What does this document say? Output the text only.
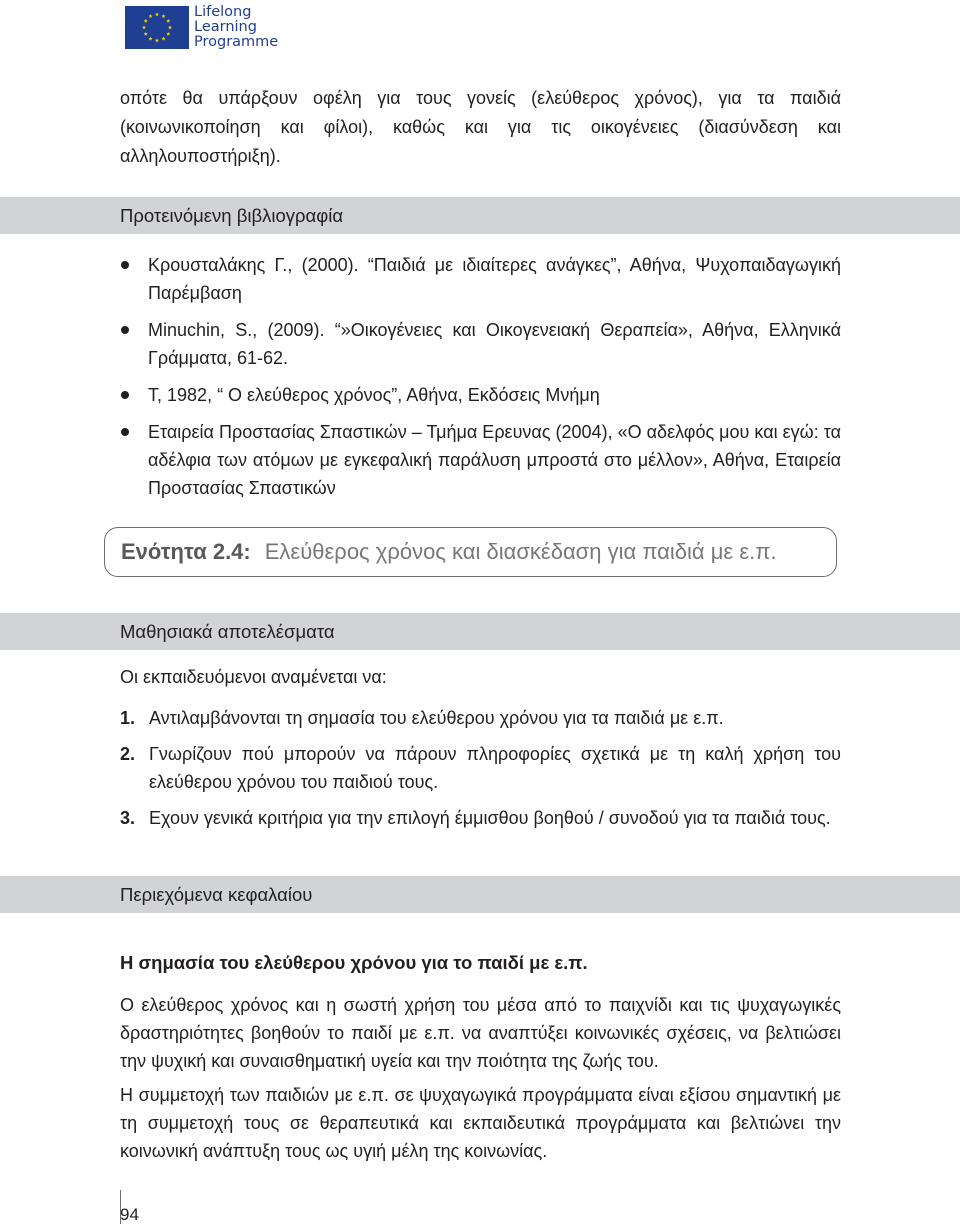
Lifelong
Learning
Programme
οπότε θα υπάρξουν οφέλη για τους γονείς (ελεύθερος χρόνος), για τα παιδιά (κοινωνικοποίηση και φίλοι), καθώς και για τις οικογένειες (διασύνδεση και αλληλουποστήριξη).
Προτεινόμενη βιβλιογραφία
Κρουσταλάκης Γ., (2000). “Παιδιά με ιδιαίτερες ανάγκες”, Αθήνα, Ψυχοπαιδαγωγική Παρέμβαση
Minuchin, S., (2009). “»Οικογένειες και Οικογενειακή Θεραπεία», Αθήνα, Ελληνικά Γράμματα, 61-62.
Τ, 1982, “ Ο ελεύθερος χρόνος”, Αθήνα, Εκδόσεις Μνήμη
Εταιρεία Προστασίας Σπαστικών – Τμήμα Ερευνας (2004), «Ο αδελφός μου και εγώ: τα αδέλφια των ατόμων με εγκεφαλική παράλυση μπροστά στο μέλλον», Αθήνα, Εταιρεία Προστασίας Σπαστικών
Ενότητα 2.4: Ελεύθερος χρόνος και διασκέδαση για παιδιά με ε.π.
Μαθησιακά αποτελέσματα
Οι εκπαιδευόμενοι αναμένεται να:
1. Αντιλαμβάνονται τη σημασία του ελεύθερου χρόνου για τα παιδιά με ε.π.
2. Γνωρίζουν πού μπορούν να πάρουν πληροφορίες σχετικά με τη καλή χρήση του ελεύθερου χρόνου του παιδιού τους.
3. Εχουν γενικά κριτήρια για την επιλογή έμμισθου βοηθού / συνοδού για τα παιδιά τους.
Περιεχόμενα κεφαλαίου
Η σημασία του ελεύθερου χρόνου για το παιδί με ε.π.
Ο ελεύθερος χρόνος και η σωστή χρήση του μέσα από το παιχνίδι και τις ψυχαγωγικές δραστηριότητες βοηθούν το παιδί με ε.π. να αναπτύξει κοινωνικές σχέσεις, να βελτιώσει την ψυχική και συναισθηματική υγεία και την ποιότητα της ζωής του.
Η συμμετοχή των παιδιών με ε.π. σε ψυχαγωγικά προγράμματα είναι εξίσου σημαντική με τη συμμετοχή τους σε θεραπευτικά και εκπαιδευτικά προγράμματα και βελτιώνει την κοινωνική ανάπτυξη τους ως υγιή μέλη της κοινωνίας.
94
